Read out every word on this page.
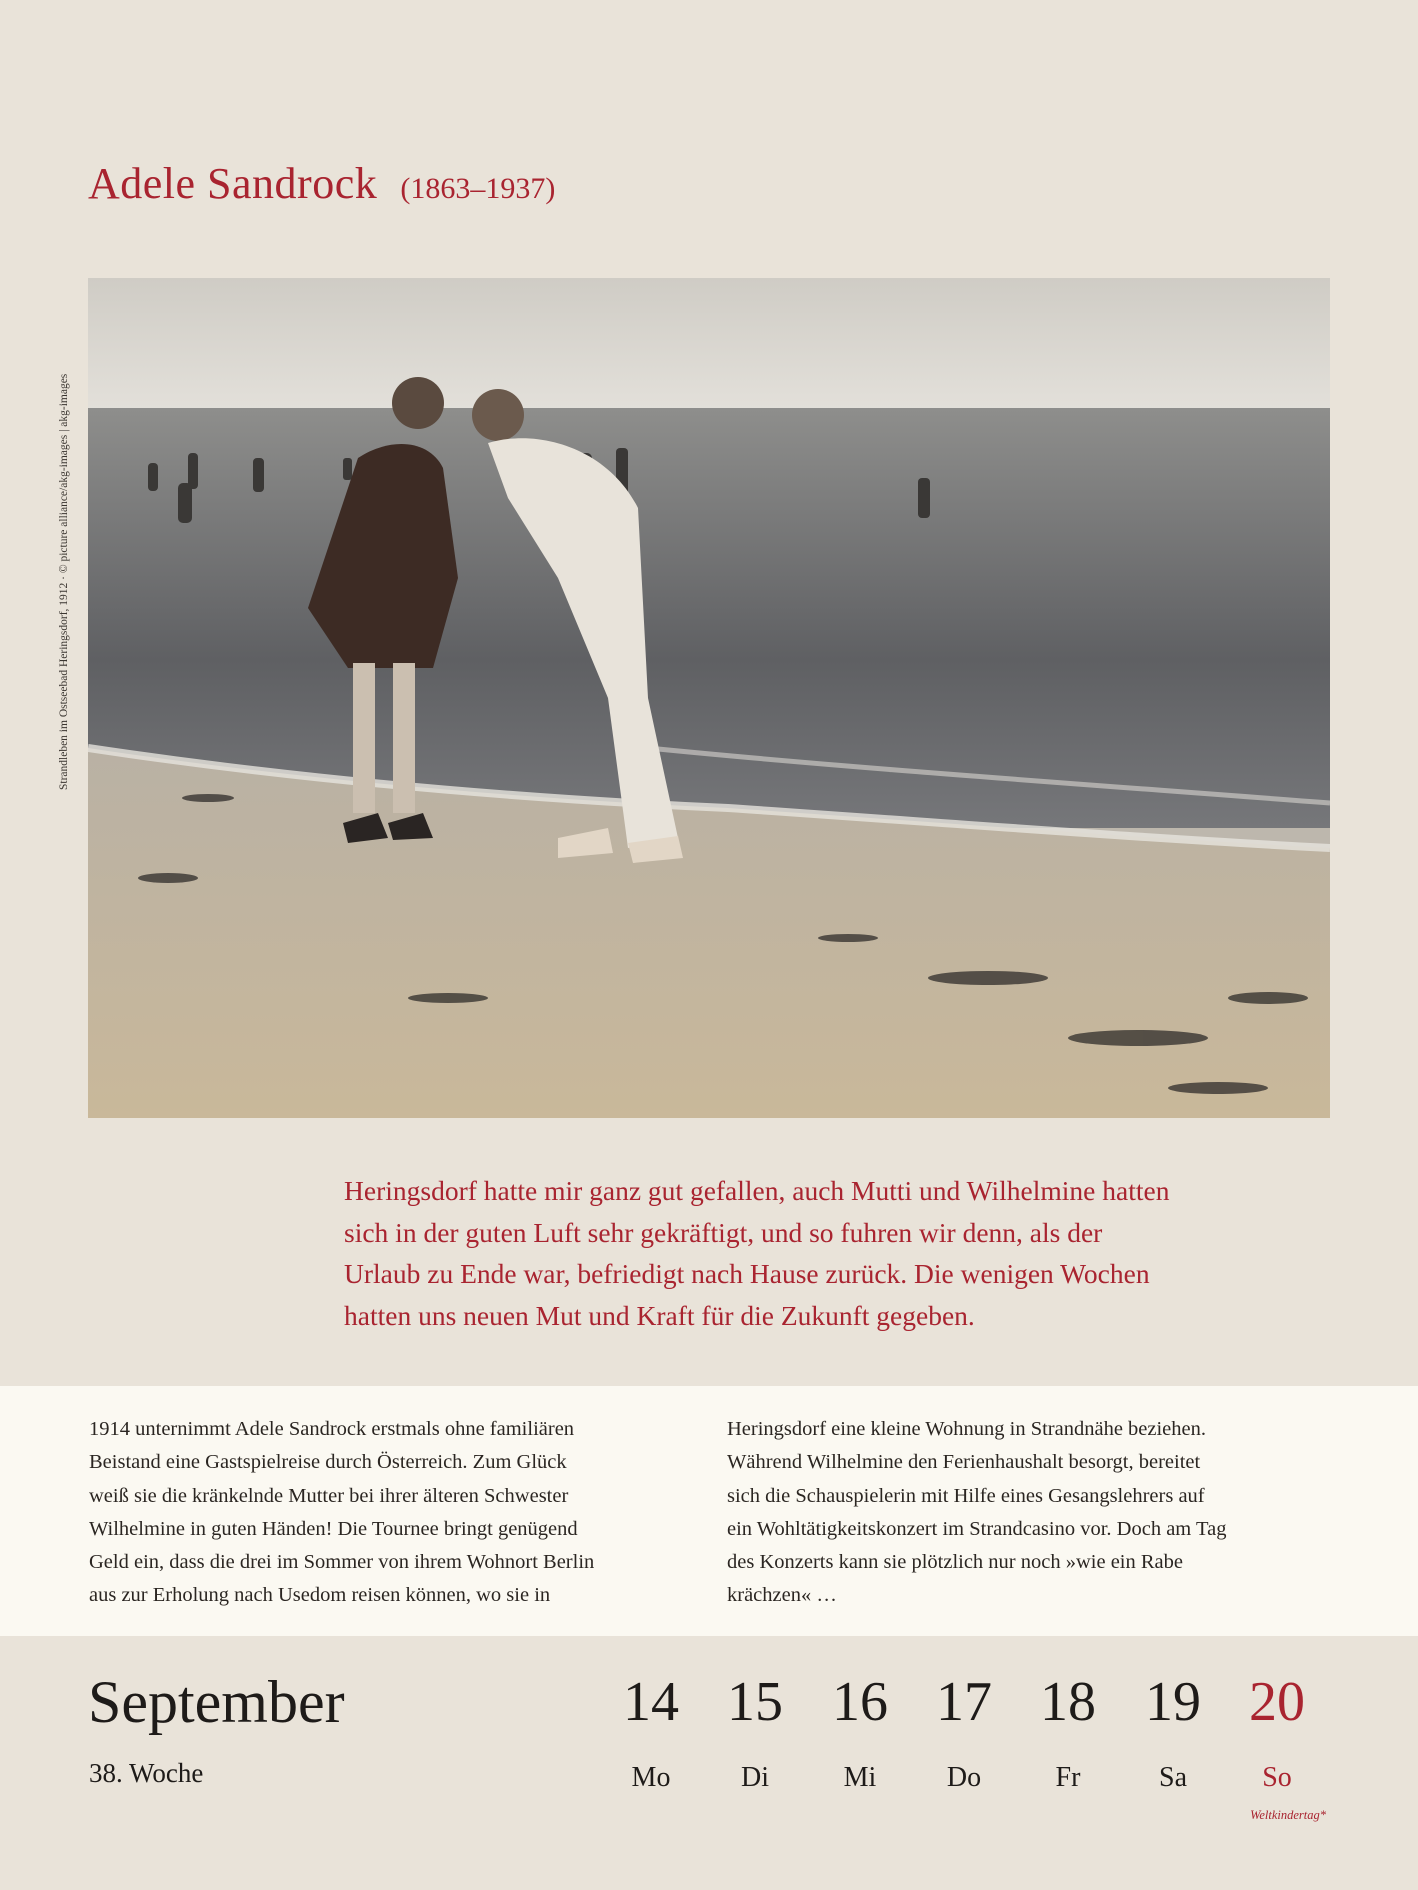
Adele Sandrock (1863–1937)
Strandleben im Ostseebad Heringsdorf, 1912 · © picture alliance/akg-images | akg-images

Heringsdorf hatte mir ganz gut gefallen, auch Mutti und Wilhelmine hatten

sich in der guten Luft sehr gekräftigt, und so fuhren wir denn, als der

Urlaub zu Ende war, befriedigt nach Hause zurück. Die wenigen Wochen

hatten uns neuen Mut und Kraft für die Zukunft gegeben.

1914 unternimmt Adele Sandrock erstmals ohne familiären

Beistand eine Gastspielreise durch Österreich. Zum Glück

weiß sie die kränkelnde Mutter bei ihrer älteren Schwester

Wilhelmine in guten Händen! Die Tournee bringt genügend

Geld ein, dass die drei im Sommer von ihrem Wohnort Berlin

aus zur Erholung nach Usedom reisen können, wo sie in

Heringsdorf eine kleine Wohnung in Strandnähe beziehen.

Während Wilhelmine den Ferienhaushalt besorgt, bereitet

sich die Schauspielerin mit Hilfe eines Gesangslehrers auf

ein Wohltätigkeitskonzert im Strandcasino vor. Doch am Tag

des Konzerts kann sie plötzlich nur noch »wie ein Rabe

krächzen« …

September
38. Woche
14
Mo
15
Di
16
Mi
17
Do
18
Fr
19
Sa
20
So
Weltkindertag*
